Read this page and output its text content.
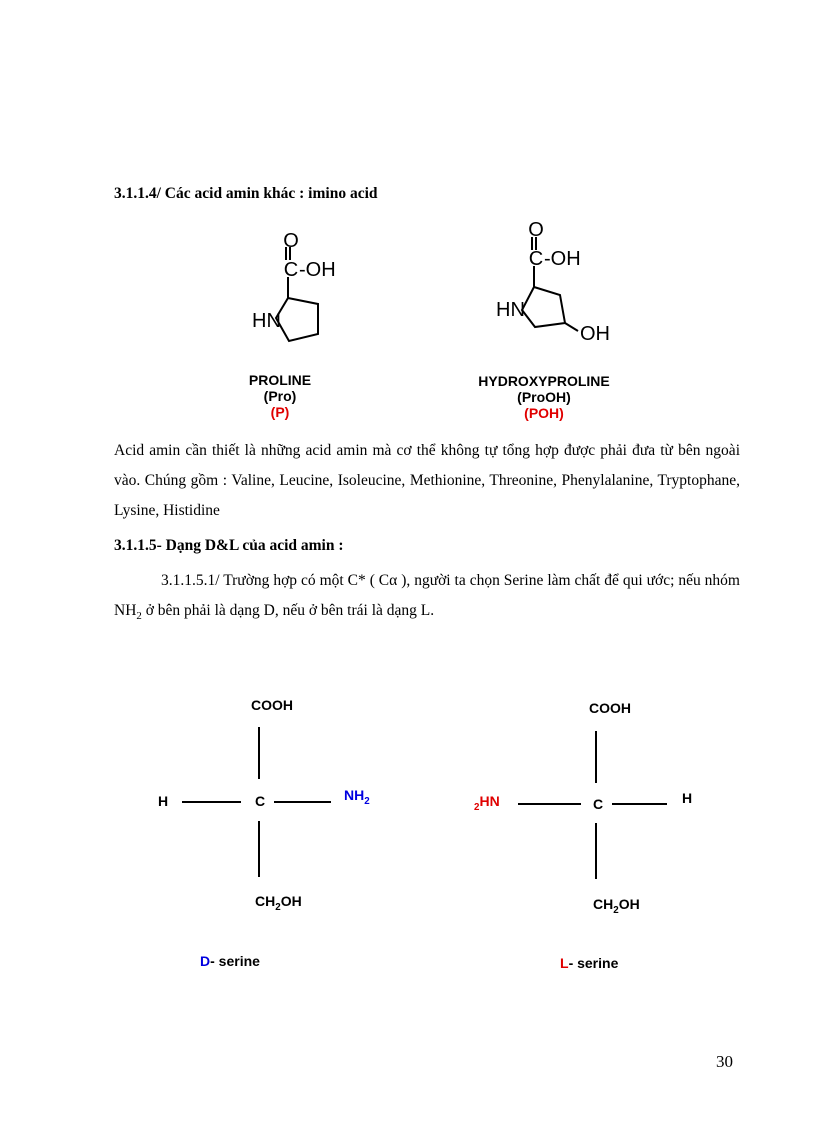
3.1.1.4/ Các acid amin khác : imino acid
O
C -OH
HN
O
C -OH
HN
OH
PROLINE
(Pro)
(P)
HYDROXYPROLINE
(ProOH)
(POH)
Acid amin cần thiết là những acid amin mà cơ thể không tự tổng hợp được phải đưa từ bên ngoài vào. Chúng gồm : Valine, Leucine, Isoleucine, Methionine, Threonine, Phenylalanine, Tryptophane, Lysine, Histidine
3.1.1.5- Dạng D&L của acid amin :
3.1.1.5.1/ Trường hợp có một C* ( Cα ), người ta chọn Serine làm chất để qui ước; nếu nhóm $NH_2$ ở bên phải là dạng D, nếu ở bên trái là dạng L.
COOH
H	C	$NH_2$
$CH_2OH$
D- serine
COOH
$_2$HN	C	H
$CH_2OH$
L- serine
30
